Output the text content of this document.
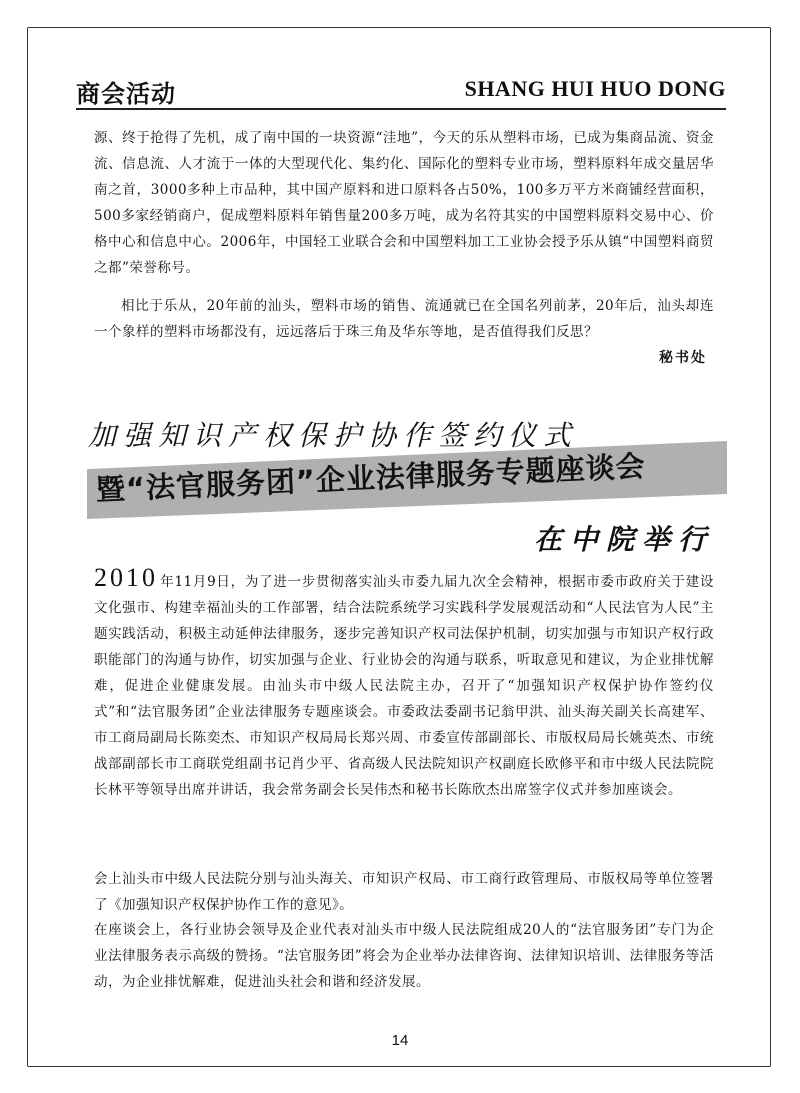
商会活动	SHANG HUI HUO DONG

源、终于抢得了先机，成了南中国的一块资源“洼地”，今天的乐从塑料市场，已成为集商品流、资金流、信息流、人才流于一体的大型现代化、集约化、国际化的塑料专业市场，塑料原料年成交量居华南之首，3000多种上市品种，其中国产原料和进口原料各占50%，100多万平方米商铺经营面积，500多家经销商户，促成塑料原料年销售量200多万吨，成为名符其实的中国塑料原料交易中心、价格中心和信息中心。2006年，中国轻工业联合会和中国塑料加工工业协会授予乐从镇“中国塑料商贸之都”荣誉称号。

相比于乐从，20年前的汕头，塑料市场的销售、流通就已在全国名列前茅，20年后，汕头却连一个象样的塑料市场都没有，远远落后于珠三角及华东等地，是否值得我们反思？

秘书处

加强知识产权保护协作签约仪式
暨“法官服务团”企业法律服务专题座谈会
在中院举行

2010 年11月9日，为了进一步贯彻落实汕头市委九届九次全会精神，根据市委市政府关于建设文化强市、构建幸福汕头的工作部署，结合法院系统学习实践科学发展观活动和“人民法官为人民”主题实践活动，积极主动延伸法律服务，逐步完善知识产权司法保护机制，切实加强与市知识产权行政职能部门的沟通与协作，切实加强与企业、行业协会的沟通与联系，听取意见和建议，为企业排忧解难，促进企业健康发展。由汕头市中级人民法院主办，召开了“加强知识产权保护协作签约仪式”和“法官服务团”企业法律服务专题座谈会。市委政法委副书记翁甲洪、汕头海关副关长高建军、市工商局副局长陈奕杰、市知识产权局局长郑兴周、市委宣传部副部长、市版权局局长姚英杰、市统战部副部长市工商联党组副书记肖少平、省高级人民法院知识产权副庭长欧修平和市中级人民法院院长林平等领导出席并讲话，我会常务副会长吴伟杰和秘书长陈欣杰出席签字仪式并参加座谈会。

会上汕头市中级人民法院分别与汕头海关、市知识产权局、市工商行政管理局、市版权局等单位签署了《加强知识产权保护协作工作的意见》。

在座谈会上，各行业协会领导及企业代表对汕头市中级人民法院组成20人的“法官服务团”专门为企业法律服务表示高级的赞扬。“法官服务团”将会为企业举办法律咨询、法律知识培训、法律服务等活动，为企业排忧解难，促进汕头社会和谐和经济发展。

14
